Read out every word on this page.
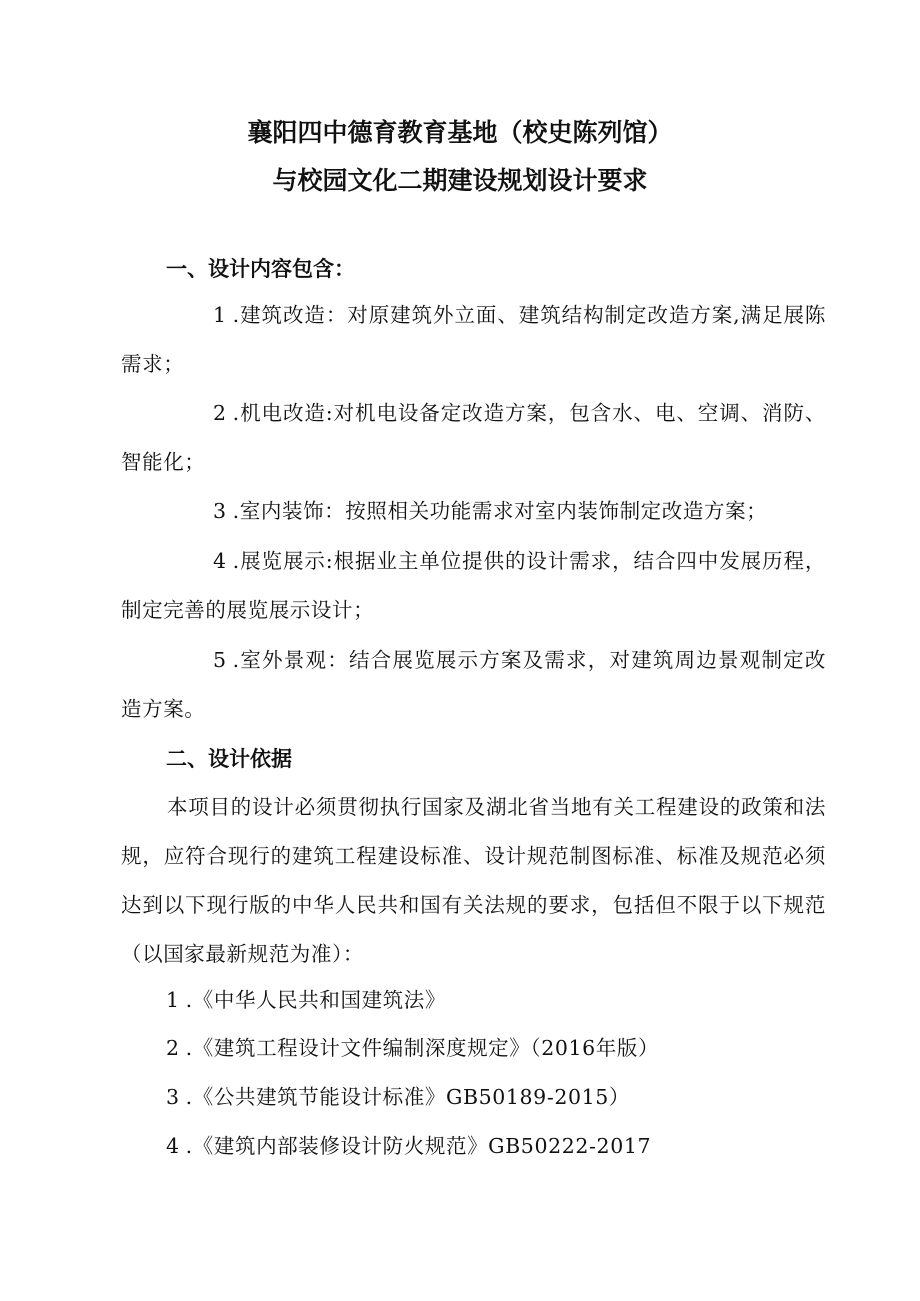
襄阳四中德育教育基地（校史陈列馆）
与校园文化二期建设规划设计要求
一、设计内容包含：
1 .建筑改造：对原建筑外立面、建筑结构制定改造方案,满足展陈需求；
2 .机电改造:对机电设备定改造方案，包含水、电、空调、消防、智能化；
3 .室内装饰：按照相关功能需求对室内装饰制定改造方案；
4 .展览展示:根据业主单位提供的设计需求，结合四中发展历程，制定完善的展览展示设计；
5 .室外景观：结合展览展示方案及需求，对建筑周边景观制定改造方案。
二、设计依据
本项目的设计必须贯彻执行国家及湖北省当地有关工程建设的政策和法规，应符合现行的建筑工程建设标准、设计规范制图标准、标准及规范必须达到以下现行版的中华人民共和国有关法规的要求，包括但不限于以下规范（以国家最新规范为准）：
1 .《中华人民共和国建筑法》
2 .《建筑工程设计文件编制深度规定》（2016年版）
3 .《公共建筑节能设计标准》GB50189-2015）
4 .《建筑内部装修设计防火规范》GB50222-2017
